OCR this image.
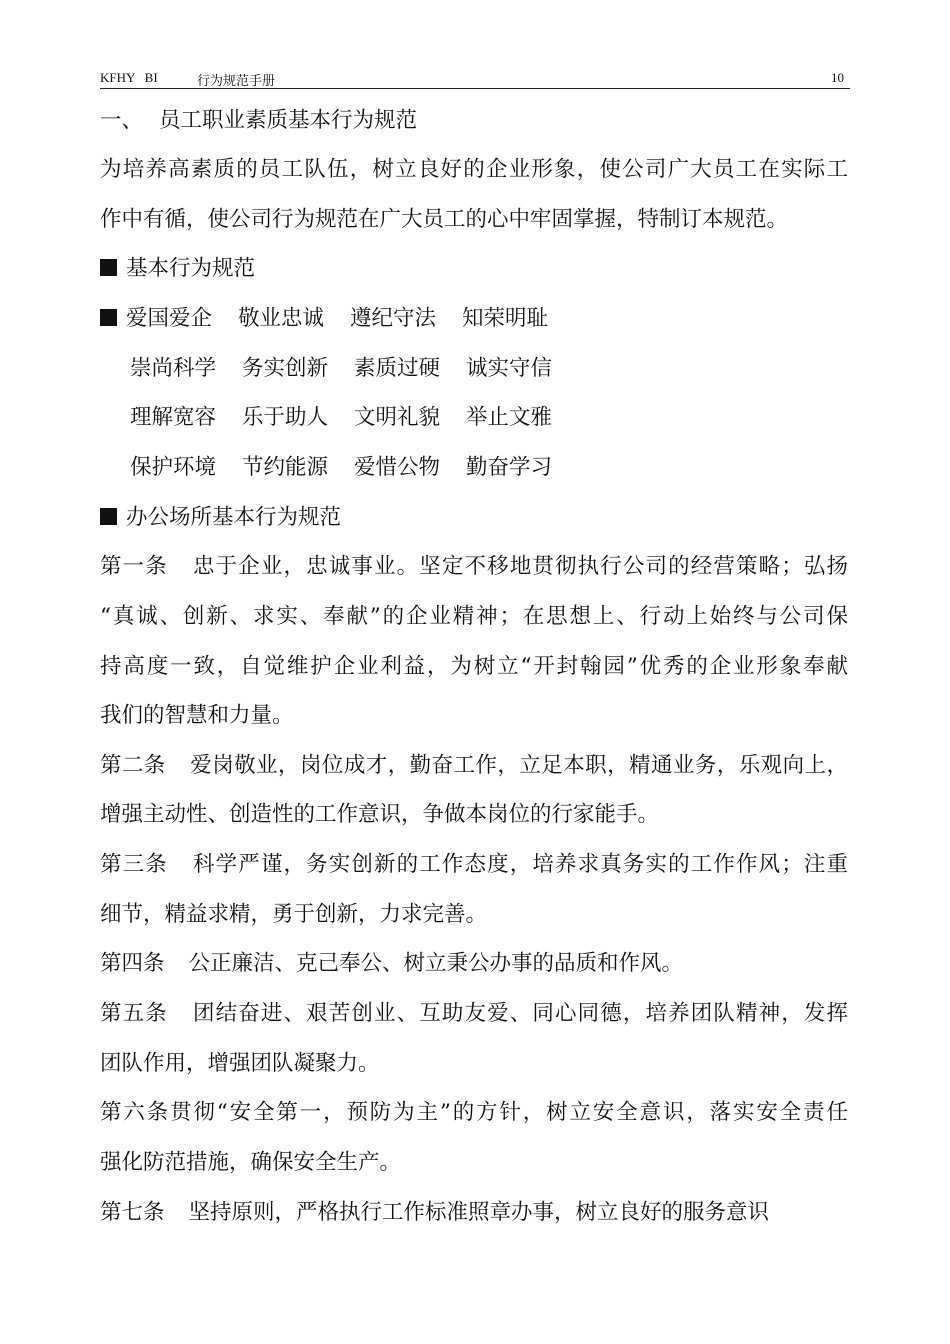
KFHY   BI	行为规范手册	10
一、 员工职业素质基本行为规范
为培养高素质的员工队伍，树立良好的企业形象，使公司广大员工在实际工
作中有循，使公司行为规范在广大员工的心中牢固掌握，特制订本规范。
基本行为规范
爱国爱企 敬业忠诚 遵纪守法 知荣明耻
崇尚科学 务实创新 素质过硬 诚实守信
理解宽容 乐于助人 文明礼貌 举止文雅
保护环境 节约能源 爱惜公物 勤奋学习
办公场所基本行为规范
第一条 忠于企业，忠诚事业。坚定不移地贯彻执行公司的经营策略；弘扬
“真诚、创新、求实、奉献”的企业精神；在思想上、行动上始终与公司保
持高度一致，自觉维护企业利益，为树立“开封翰园”优秀的企业形象奉献
我们的智慧和力量。
第二条 爱岗敬业，岗位成才，勤奋工作，立足本职，精通业务，乐观向上，
增强主动性、创造性的工作意识，争做本岗位的行家能手。
第三条 科学严谨，务实创新的工作态度，培养求真务实的工作作风；注重
细节，精益求精，勇于创新，力求完善。
第四条 公正廉洁、克己奉公、树立秉公办事的品质和作风。
第五条 团结奋进、艰苦创业、互助友爱、同心同德，培养团队精神，发挥
团队作用，增强团队凝聚力。
第六条贯彻“安全第一，预防为主”的方针，树立安全意识，落实安全责任
强化防范措施，确保安全生产。
第七条 坚持原则，严格执行工作标准照章办事，树立良好的服务意识
